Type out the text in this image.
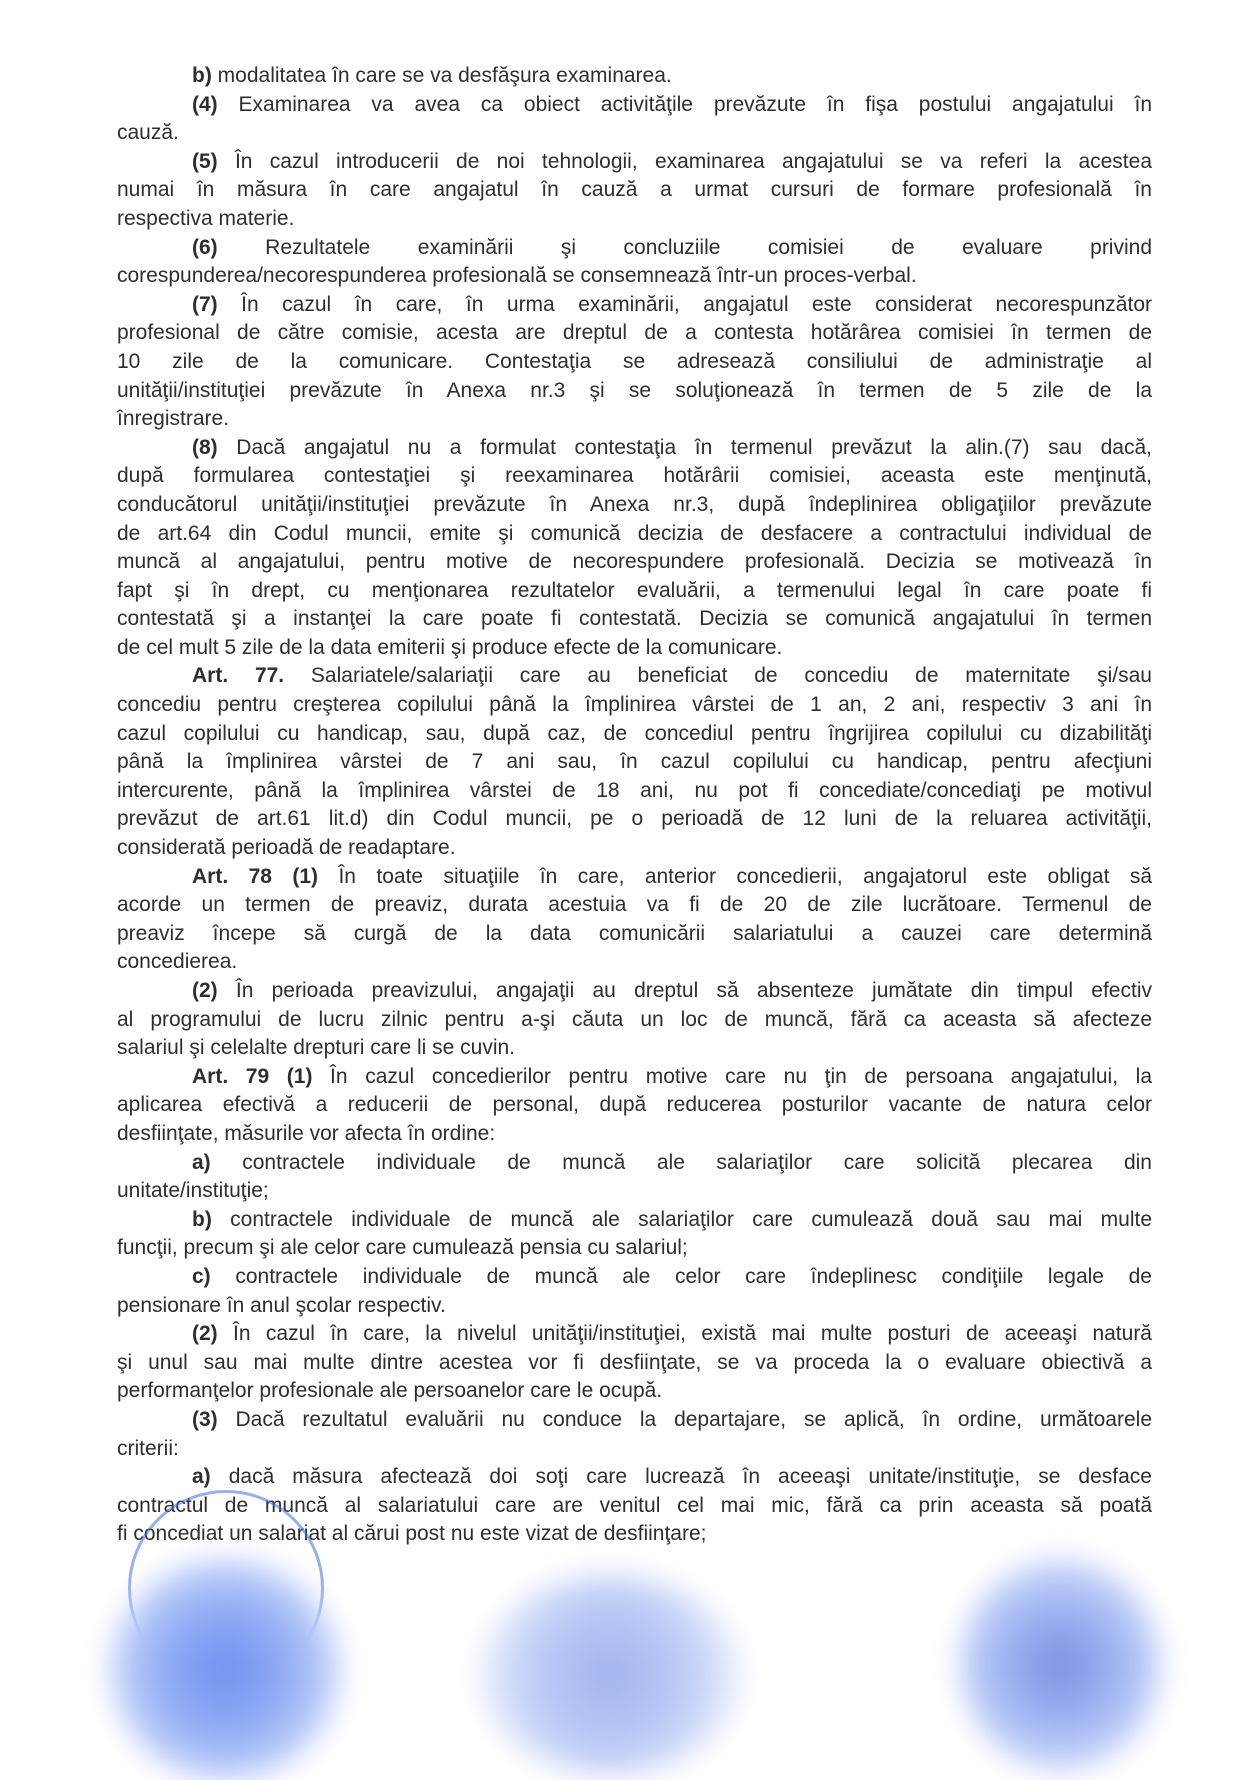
b) modalitatea în care se va desfăşura examinarea.
(4) Examinarea va avea ca obiect activităţile prevăzute în fişa postului angajatului în
cauză.
(5) În cazul introducerii de noi tehnologii, examinarea angajatului se va referi la acestea
numai în măsura în care angajatul în cauză a urmat cursuri de formare profesională în
respectiva materie.
(6) Rezultatele examinării şi concluziile comisiei de evaluare privind
corespunderea/necorespunderea profesională se consemnează într-un proces-verbal.
(7) În cazul în care, în urma examinării, angajatul este considerat necorespunzător
profesional de către comisie, acesta are dreptul de a contesta hotărârea comisiei în termen de
10 zile de la comunicare. Contestaţia se adresează consiliului de administraţie al
unităţii/instituţiei prevăzute în Anexa nr.3 şi se soluţionează în termen de 5 zile de la
înregistrare.
(8) Dacă angajatul nu a formulat contestaţia în termenul prevăzut la alin.(7) sau dacă,
după formularea contestaţiei şi reexaminarea hotărârii comisiei, aceasta este menţinută,
conducătorul unităţii/instituţiei prevăzute în Anexa nr.3, după îndeplinirea obligaţiilor prevăzute
de art.64 din Codul muncii, emite şi comunică decizia de desfacere a contractului individual de
muncă al angajatului, pentru motive de necorespundere profesională. Decizia se motivează în
fapt şi în drept, cu menţionarea rezultatelor evaluării, a termenului legal în care poate fi
contestată şi a instanţei la care poate fi contestată. Decizia se comunică angajatului în termen
de cel mult 5 zile de la data emiterii şi produce efecte de la comunicare.
Art. 77. Salariatele/salariaţii care au beneficiat de concediu de maternitate şi/sau
concediu pentru creşterea copilului până la împlinirea vârstei de 1 an, 2 ani, respectiv 3 ani în
cazul copilului cu handicap, sau, după caz, de concediul pentru îngrijirea copilului cu dizabilităţi
până la împlinirea vârstei de 7 ani sau, în cazul copilului cu handicap, pentru afecţiuni
intercurente, până la împlinirea vârstei de 18 ani, nu pot fi concediate/concediaţi pe motivul
prevăzut de art.61 lit.d) din Codul muncii, pe o perioadă de 12 luni de la reluarea activităţii,
considerată perioadă de readaptare.
Art. 78 (1) În toate situaţiile în care, anterior concedierii, angajatorul este obligat să
acorde un termen de preaviz, durata acestuia va fi de 20 de zile lucrătoare. Termenul de
preaviz începe să curgă de la data comunicării salariatului a cauzei care determină
concedierea.
(2) În perioada preavizului, angajaţii au dreptul să absenteze jumătate din timpul efectiv
al programului de lucru zilnic pentru a-şi căuta un loc de muncă, fără ca aceasta să afecteze
salariul şi celelalte drepturi care li se cuvin.
Art. 79 (1) În cazul concedierilor pentru motive care nu ţin de persoana angajatului, la
aplicarea efectivă a reducerii de personal, după reducerea posturilor vacante de natura celor
desfiinţate, măsurile vor afecta în ordine:
a) contractele individuale de muncă ale salariaţilor care solicită plecarea din
unitate/instituţie;
b) contractele individuale de muncă ale salariaţilor care cumulează două sau mai multe
funcţii, precum şi ale celor care cumulează pensia cu salariul;
c) contractele individuale de muncă ale celor care îndeplinesc condiţiile legale de
pensionare în anul şcolar respectiv.
(2) În cazul în care, la nivelul unităţii/instituţiei, există mai multe posturi de aceeaşi natură
şi unul sau mai multe dintre acestea vor fi desfiinţate, se va proceda la o evaluare obiectivă a
performanţelor profesionale ale persoanelor care le ocupă.
(3) Dacă rezultatul evaluării nu conduce la departajare, se aplică, în ordine, următoarele
criterii:
a) dacă măsura afectează doi soţi care lucrează în aceeaşi unitate/instituţie, se desface
contractul de muncă al salariatului care are venitul cel mai mic, fără ca prin aceasta să poată
fi concediat un salariat al cărui post nu este vizat de desfiinţare;
